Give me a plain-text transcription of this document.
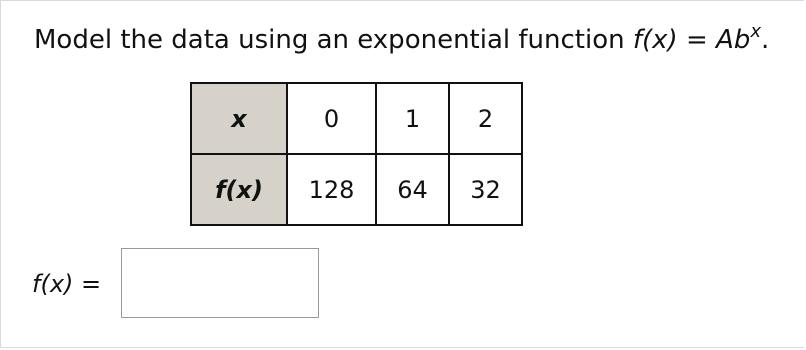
Model the data using an exponential function $f(x) = Ab^x$.
x	0	1	2
f(x)	128	64	32
f(x) =
